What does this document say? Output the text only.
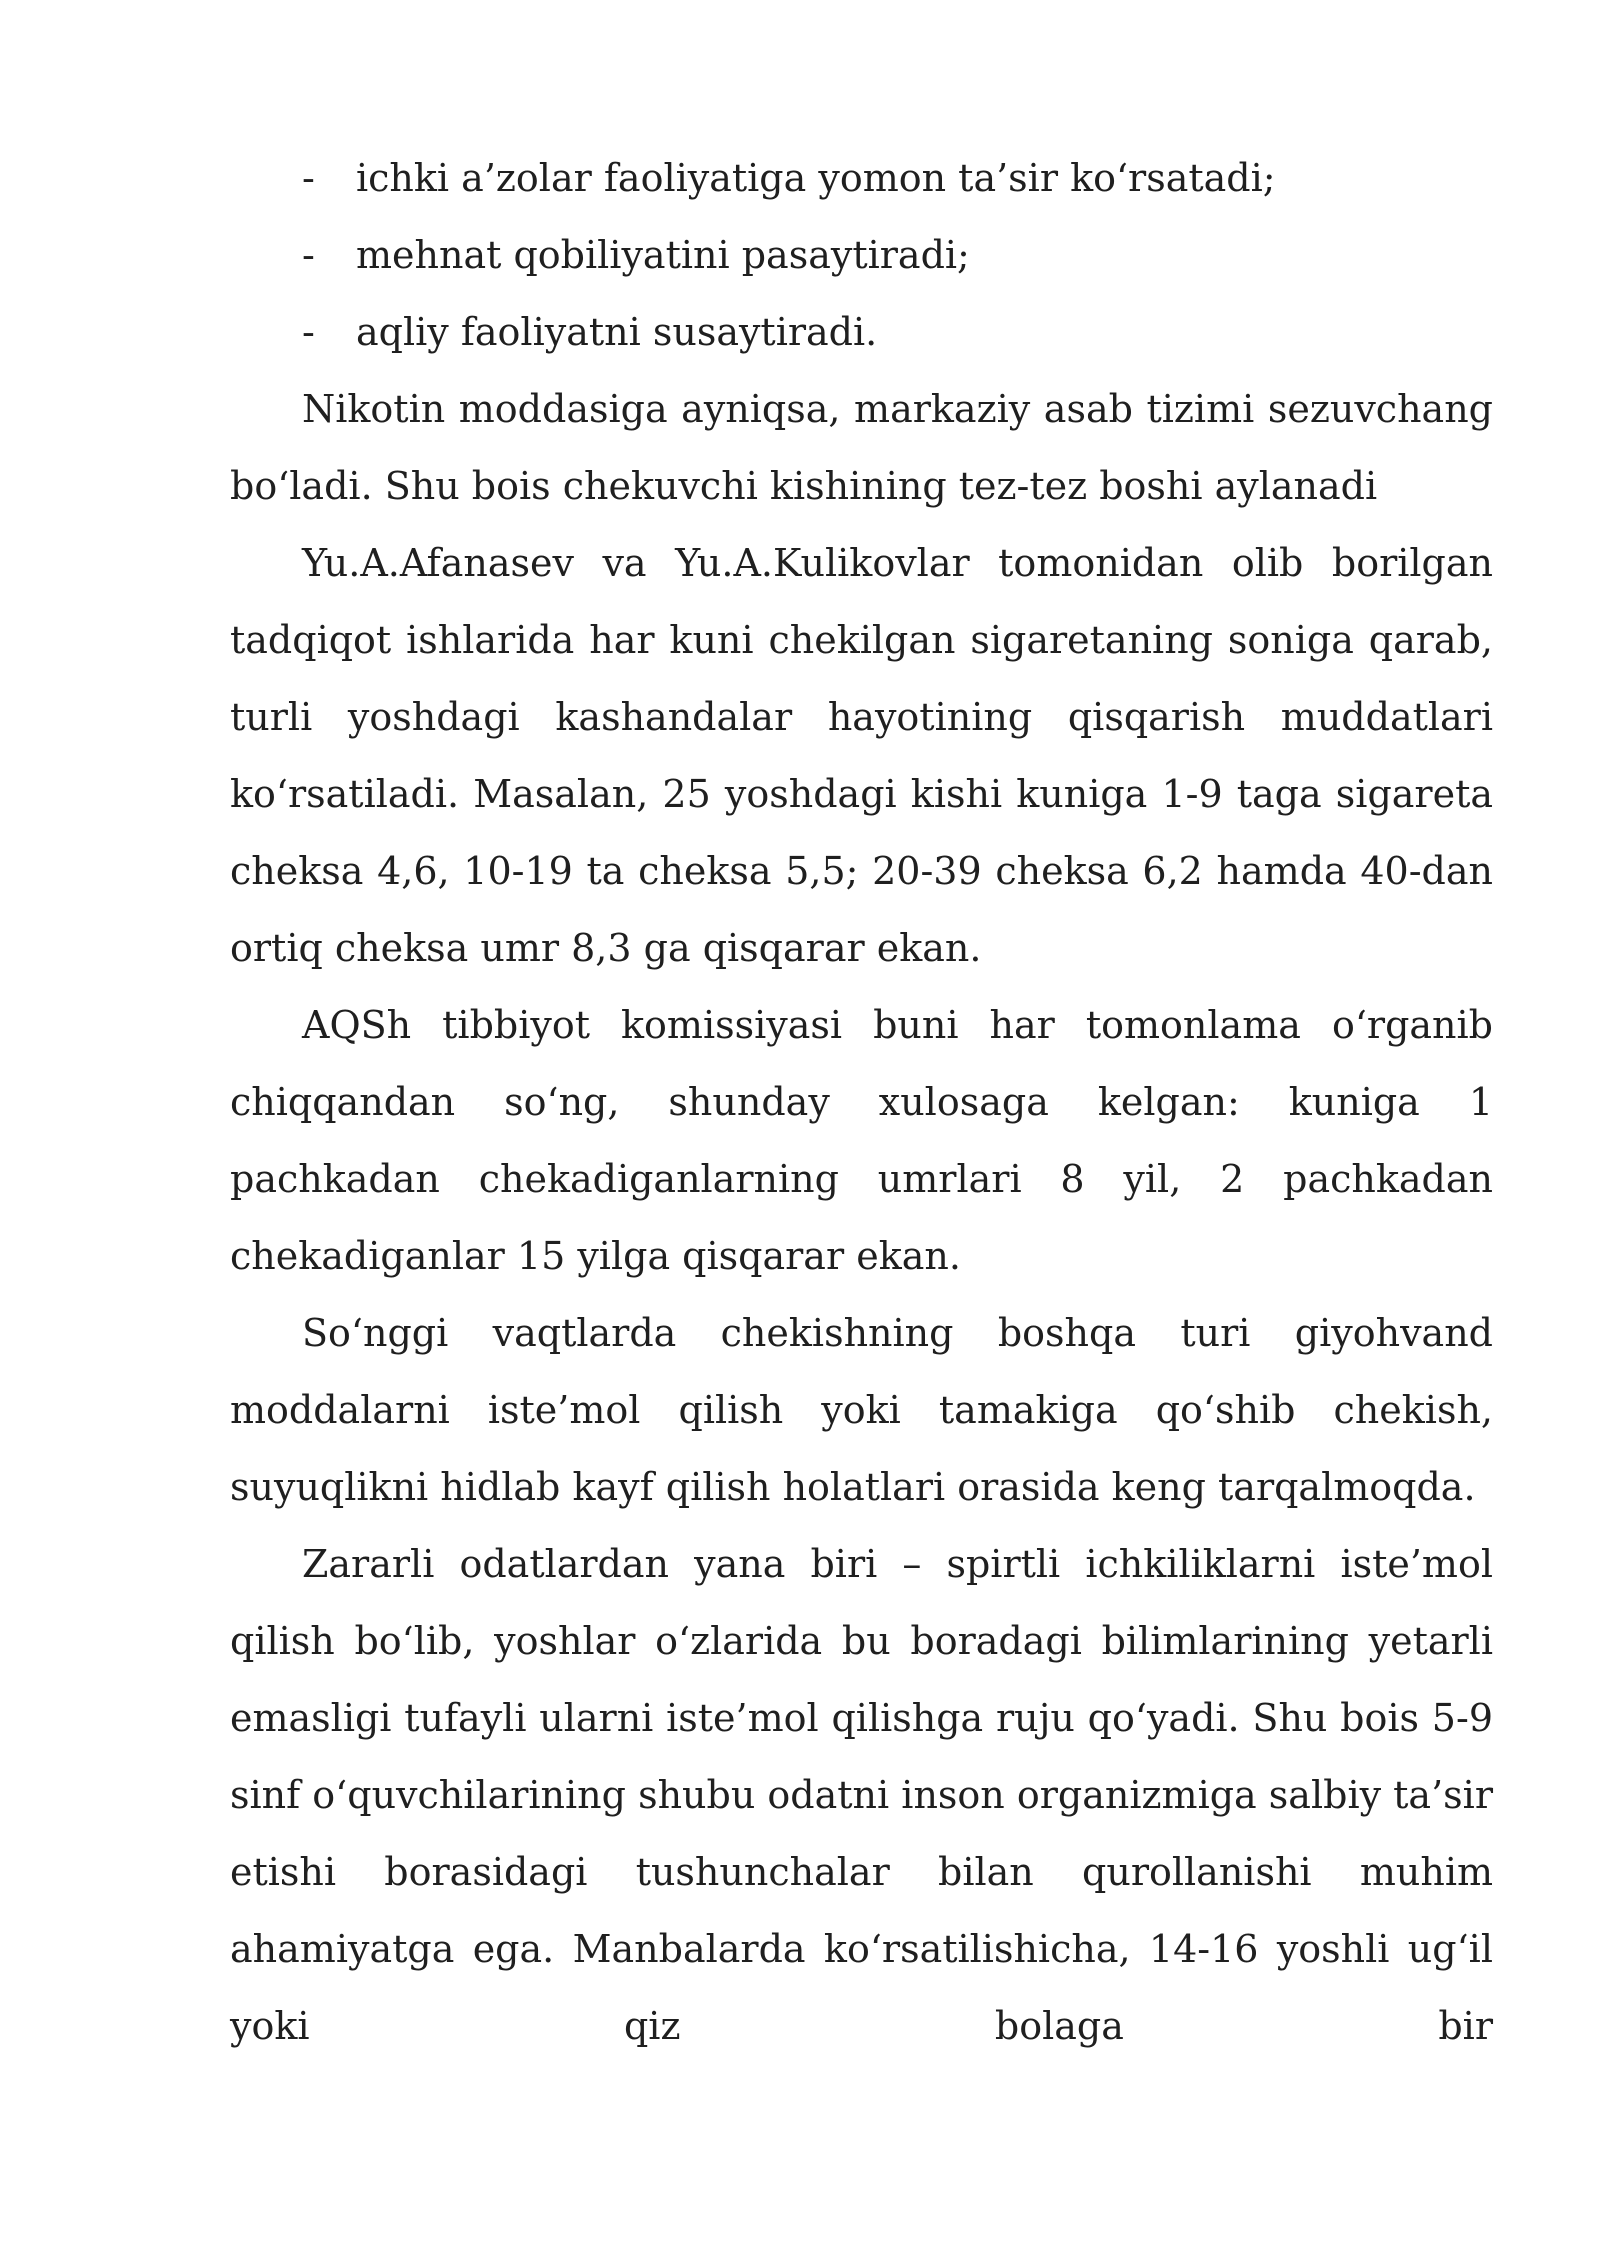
-	ichki a’zolar faoliyatiga yomon ta’sir ko‘rsatadi;
-	mehnat qobiliyatini pasaytiradi;
-	aqliy faoliyatni susaytiradi.

Nikotin moddasiga ayniqsa, markaziy asab tizimi sezuvchang bo‘ladi. Shu bois chekuvchi kishining tez-tez boshi aylanadi

Yu.A.Afanasev va Yu.A.Kulikovlar tomonidan olib borilgan tadqiqot ishlarida har kuni chekilgan sigaretaning soniga qarab, turli yoshdagi kashandalar hayotining qisqarish muddatlari ko‘rsatiladi. Masalan, 25 yoshdagi kishi kuniga 1-9 taga sigareta cheksa 4,6, 10-19 ta cheksa 5,5; 20-39 cheksa 6,2 hamda 40-dan ortiq cheksa umr 8,3 ga qisqarar ekan.

AQSh tibbiyot komissiyasi buni har tomonlama o‘rganib chiqqandan so‘ng, shunday xulosaga kelgan: kuniga 1 pachkadan chekadiganlarning umrlari 8 yil, 2 pachkadan chekadiganlar 15 yilga qisqarar ekan.

So‘nggi vaqtlarda chekishning boshqa turi giyohvand moddalarni iste’mol qilish yoki tamakiga qo‘shib chekish, suyuqlikni hidlab kayf qilish holatlari orasida keng tarqalmoqda.

Zararli odatlardan yana biri – spirtli ichkiliklarni iste’mol qilish bo‘lib, yoshlar o‘zlarida bu boradagi bilimlarining yetarli emasligi tufayli ularni iste’mol qilishga ruju qo‘yadi. Shu bois 5-9 sinf o‘quvchilarining shubu odatni inson organizmiga salbiy ta’sir etishi borasidagi tushunchalar bilan qurollanishi muhim ahamiyatga ega. Manbalarda ko‘rsatilishicha, 14-16 yoshli ug‘il yoki qiz bolaga bir
